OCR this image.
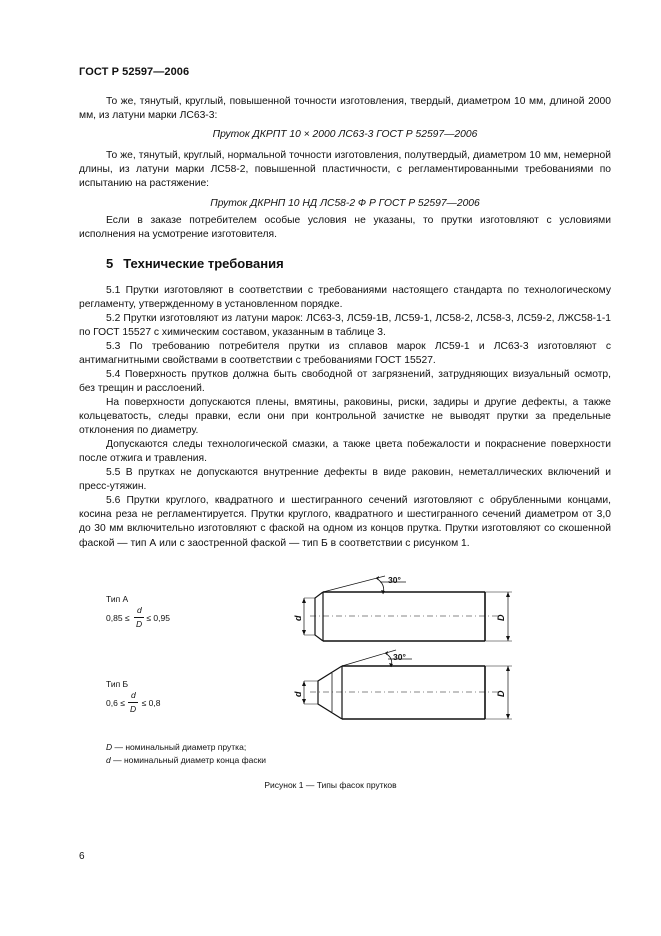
ГОСТ Р 52597—2006
То же, тянутый, круглый, повышенной точности изготовления, твердый, диаметром 10 мм, длиной 2000 мм, из латуни марки ЛС63-3:
Пруток ДКРПТ 10 × 2000 ЛС63-3 ГОСТ Р 52597—2006
То же, тянутый, круглый, нормальной точности изготовления, полутвердый, диаметром 10 мм, немерной длины, из латуни марки ЛС58-2, повышенной пластичности, с регламентированными требованиями по испытанию на растяжение:
Пруток ДКРНП 10 НД ЛС58-2 Ф Р ГОСТ Р 52597—2006
Если в заказе потребителем особые условия не указаны, то прутки изготовляют с условиями исполнения на усмотрение изготовителя.
5 Технические требования
5.1 Прутки изготовляют в соответствии с требованиями настоящего стандарта по технологическому регламенту, утвержденному в установленном порядке.
5.2 Прутки изготовляют из латуни марок: ЛС63-3, ЛС59-1В, ЛС59-1, ЛС58-2, ЛС58-3, ЛС59-2, ЛЖС58-1-1 по ГОСТ 15527 с химическим составом, указанным в таблице 3.
5.3 По требованию потребителя прутки из сплавов марок ЛС59-1 и ЛС63-3 изготовляют с антимагнитными свойствами в соответствии с требованиями ГОСТ 15527.
5.4 Поверхность прутков должна быть свободной от загрязнений, затрудняющих визуальный осмотр, без трещин и расслоений.
На поверхности допускаются плены, вмятины, раковины, риски, задиры и другие дефекты, а также кольцеватость, следы правки, если они при контрольной зачистке не выводят прутки за предельные отклонения по диаметру.
Допускаются следы технологической смазки, а также цвета побежалости и покраснение поверхности после отжига и травления.
5.5 В прутках не допускаются внутренние дефекты в виде раковин, неметаллических включений и пресс-утяжин.
5.6 Прутки круглого, квадратного и шестигранного сечений изготовляют с обрубленными концами, косина реза не регламентируется. Прутки круглого, квадратного и шестигранного сечений диаметром от 3,0 до 30 мм включительно изготовляют с фаской на одном из концов прутка. Прутки изготовляют со скошенной фаской — тип А или с заостренной фаской — тип Б в соответствии с рисунком 1.
Тип А
0,85 ≤ ≤ 0,95
d
D
Тип Б
0,6 ≤ ≤ 0,8
d
D
30°
30°
d	D
d	D
D — номинальный диаметр прутка;
d — номинальный диаметр конца фаски
Рисунок 1 — Типы фасок прутков
6
